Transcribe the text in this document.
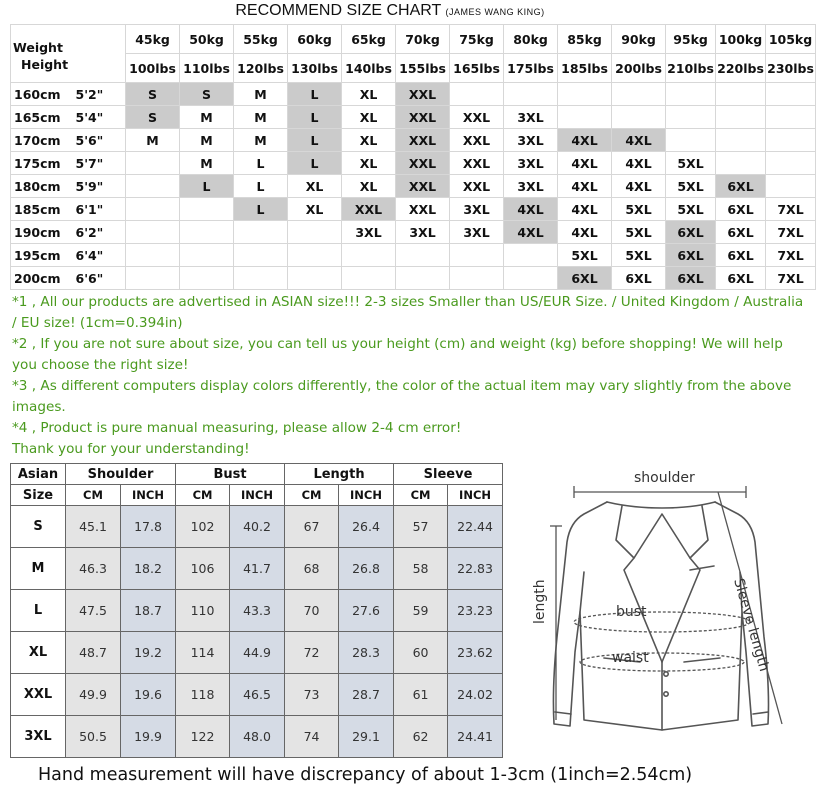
RECOMMEND SIZE CHART (JAMES WANG KING)
Weight
Height		45kg	50kg	55kg	60kg	65kg	70kg	75kg	80kg	85kg	90kg	95kg	100kg	105kg
		100lbs	110lbs	120lbs	130lbs	140lbs	155lbs	165lbs	175lbs	185lbs	200lbs	210lbs	220lbs	230lbs
160cm	5'2"	S	S	M	L	XL	XXL							
165cm	5'4"	S	M	M	L	XL	XXL	XXL	3XL					
170cm	5'6"	M	M	M	L	XL	XXL	XXL	3XL	4XL	4XL			
175cm	5'7"		M	L	L	XL	XXL	XXL	3XL	4XL	4XL	5XL		
180cm	5'9"		L	L	XL	XL	XXL	XXL	3XL	4XL	4XL	5XL	6XL	
185cm	6'1"			L	XL	XXL	XXL	3XL	4XL	4XL	5XL	5XL	6XL	7XL
190cm	6'2"					3XL	3XL	3XL	4XL	4XL	5XL	6XL	6XL	7XL
195cm	6'4"									5XL	5XL	6XL	6XL	7XL
200cm	6'6"									6XL	6XL	6XL	6XL	7XL

*1 , All our products are advertised in ASIAN size!!! 2-3 sizes Smaller than US/EUR Size. / United Kingdom / Australia / EU size! (1cm=0.394in)

*2 , If you are not sure about size, you can tell us your height (cm) and weight (kg) before shopping! We will help you choose the right size!

*3 , As different computers display colors differently, the color of the actual item may vary slightly from the above images.

*4 , Product is pure manual measuring, please allow 2-4 cm error!

Thank you for your understanding!

Asian	Shoulder		Bust		Length		Sleeve	
Size	CM	INCH	CM	INCH	CM	INCH	CM	INCH
S	45.1	17.8	102	40.2	67	26.4	57	22.44
M	46.3	18.2	106	41.7	68	26.8	58	22.83
L	47.5	18.7	110	43.3	70	27.6	59	23.23
XL	48.7	19.2	114	44.9	72	28.3	60	23.62
XXL	49.9	19.6	118	46.5	73	28.7	61	24.02
3XL	50.5	19.9	122	48.0	74	29.1	62	24.41
shoulder
bust
waist
length	Sleeve length
Hand measurement will have discrepancy of about 1-3cm (1inch=2.54cm)
